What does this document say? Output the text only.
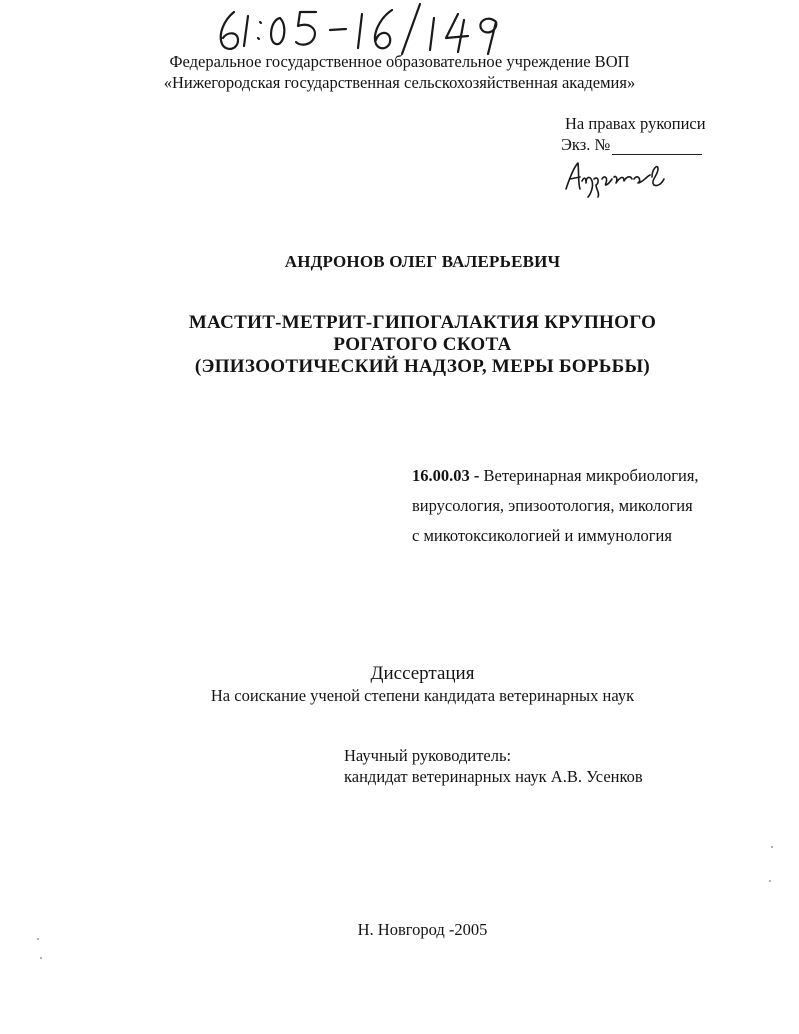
Федеральное государственное образовательное учреждение ВОП
«Нижегородская государственная сельскохозяйственная академия»
На правах рукописи
Экз. №
АНДРОНОВ ОЛЕГ ВАЛЕРЬЕВИЧ
МАСТИТ-МЕТРИТ-ГИПОГАЛАКТИЯ КРУПНОГО
РОГАТОГО СКОТА
(ЭПИЗООТИЧЕСКИЙ НАДЗОР, МЕРЫ БОРЬБЫ)
16.00.03 - Ветеринарная микробиология,
вирусология, эпизоотология, микология
с микотоксикологией и иммунология
Диссертация
На соискание ученой степени кандидата ветеринарных наук
Научный руководитель:
кандидат ветеринарных наук А.В. Усенков
Н. Новгород -2005
